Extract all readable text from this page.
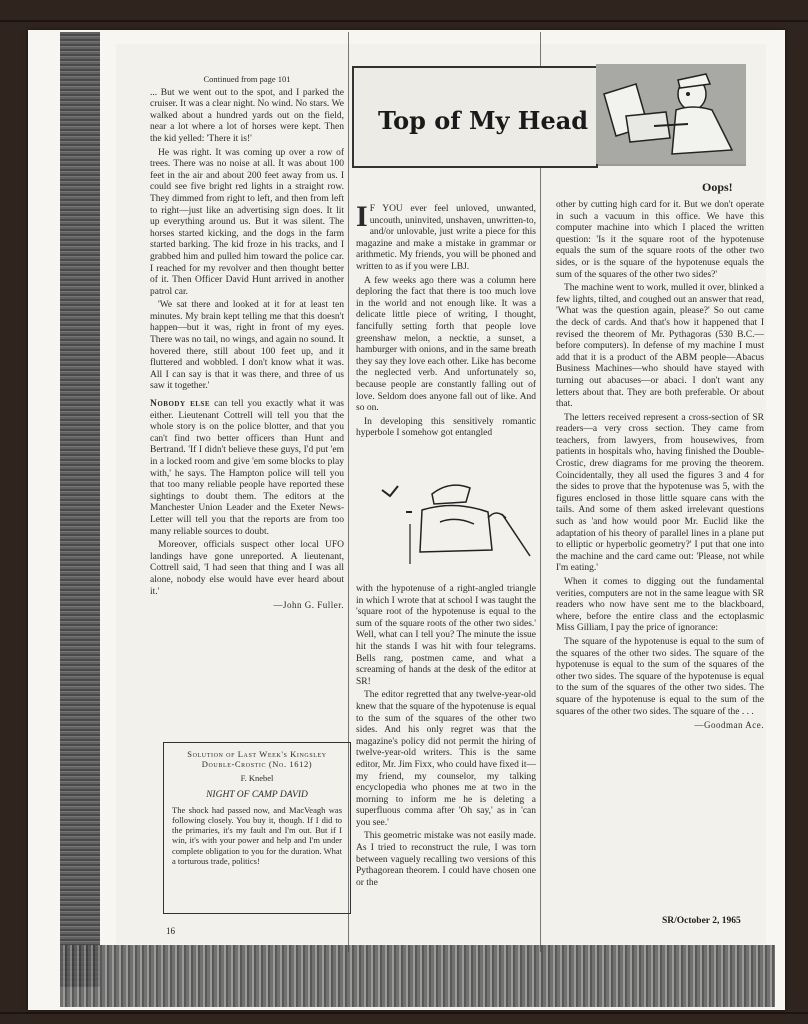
Continued from page 101

... But we went out to the spot, and I parked the cruiser. It was a clear night. No wind. No stars. We walked about a hundred yards out on the field, near a lot where a lot of horses were kept. Then the kid yelled: 'There it is!'

He was right. It was coming up over a row of trees. There was no noise at all. It was about 100 feet in the air and about 200 feet away from us. I could see five bright red lights in a straight row. They dimmed from right to left, and then from left to right—just like an advertising sign does. It lit up everything around us. But it was silent. The horses started kicking, and the dogs in the farm started barking. The kid froze in his tracks, and I grabbed him and pulled him toward the police car. I reached for my revolver and then thought better of it. Then Officer David Hunt arrived in another patrol car.

'We sat there and looked at it for at least ten minutes. My brain kept telling me that this doesn't happen—but it was, right in front of my eyes. There was no tail, no wings, and again no sound. It hovered there, still about 100 feet up, and it fluttered and wobbled. I don't know what it was. All I can say is that it was there, and three of us saw it together.'

Nobody else can tell you exactly what it was either. Lieutenant Cottrell will tell you that the whole story is on the police blotter, and that you can't find two better officers than Hunt and Bertrand. 'If I didn't believe these guys, I'd put 'em in a locked room and give 'em some blocks to play with,' he says. The Hampton police will tell you that too many reliable people have reported these sightings to doubt them. The editors at the Manchester Union Leader and the Exeter News-Letter will tell you that the reports are from too many reliable sources to doubt.

Moreover, officials suspect other local UFO landings have gone unreported. A lieutenant, Cottrell said, 'I had seen that thing and I was all alone, nobody else would have ever heard about it.'

—John G. Fuller.
Solution of Last Week's Kingsley Double-Crostic (No. 1612)
F. Knebel
NIGHT OF CAMP DAVID
The shock had passed now, and MacVeagh was following closely. You buy it, though. If I did to the primaries, it's my fault and I'm out. But if I win, it's with your power and help and I'm under complete obligation to you for the duration. What a torturous trade, politics!
Top of My Head
Oops!

I F YOU ever feel unloved, unwanted, uncouth, uninvited, unshaven, unwritten-to, and/or unlovable, just write a piece for this magazine and make a mistake in grammar or arithmetic. My friends, you will be phoned and written to as if you were LBJ.

A few weeks ago there was a column here deploring the fact that there is too much love in the world and not enough like. It was a delicate little piece of writing, I thought, fancifully setting forth that people love greenshaw melon, a necktie, a sunset, a hamburger with onions, and in the same breath they say they love each other. Like has become the neglected verb. And unfortunately so, because people are constantly falling out of love. Seldom does anyone fall out of like. And so on.

In developing this sensitively romantic hyperbole I somehow got entangled

with the hypotenuse of a right-angled triangle in which I wrote that at school I was taught the 'square root of the hypotenuse is equal to the sum of the square roots of the other two sides.' Well, what can I tell you? The minute the issue hit the stands I was hit with four telegrams. Bells rang, postmen came, and what a screaming of hands at the desk of the editor at SR!

The editor regretted that any twelve-year-old knew that the square of the hypotenuse is equal to the sum of the squares of the other two sides. And his only regret was that the magazine's policy did not permit the hiring of twelve-year-old writers. This is the same editor, Mr. Jim Fixx, who could have fixed it—my friend, my counselor, my talking encyclopedia who phones me at two in the morning to inform me he is deleting a superfluous comma after 'Oh say,' as in 'can you see.'

This geometric mistake was not easily made. As I tried to reconstruct the rule, I was torn between vaguely recalling two versions of this Pythagorean theorem. I could have chosen one or the

other by cutting high card for it. But we don't operate in such a vacuum in this office. We have this computer machine into which I placed the written question: 'Is it the square root of the hypotenuse equals the sum of the square roots of the other two sides, or is the square of the hypotenuse equals the sum of the squares of the other two sides?'

The machine went to work, mulled it over, blinked a few lights, tilted, and coughed out an answer that read, 'What was the question again, please?' So out came the deck of cards. And that's how it happened that I revised the theorem of Mr. Pythagoras (530 B.C.—before computers). In defense of my machine I must add that it is a product of the ABM people—Abacus Business Machines—who should have stayed with turning out abacuses—or abaci. I don't want any letters about that. They are both preferable. Or about that.

The letters received represent a cross-section of SR readers—a very cross section. They came from teachers, from lawyers, from housewives, from patients in hospitals who, having finished the Double-Crostic, drew diagrams for me proving the theorem. Coincidentally, they all used the figures 3 and 4 for the sides to prove that the hypotenuse was 5, with the figures enclosed in those little square cans with the tails. And some of them asked irrelevant questions such as 'and how would poor Mr. Euclid like the adaptation of his theory of parallel lines in a plane put to elliptic or hyperbolic geometry?' I put that one into the machine and the card came out: 'Please, not while I'm eating.'

When it comes to digging out the fundamental verities, computers are not in the same league with SR readers who now have sent me to the blackboard, where, before the entire class and the ectoplasmic Miss Gilliam, I pay the price of ignorance:

The square of the hypotenuse is equal to the sum of the squares of the other two sides. The square of the hypotenuse is equal to the sum of the squares of the other two sides. The square of the hypotenuse is equal to the sum of the squares of the other two sides. The square of the hypotenuse is equal to the sum of the squares of the other two sides. The square of the . . .

—Goodman Ace.
16
SR/October 2, 1965
